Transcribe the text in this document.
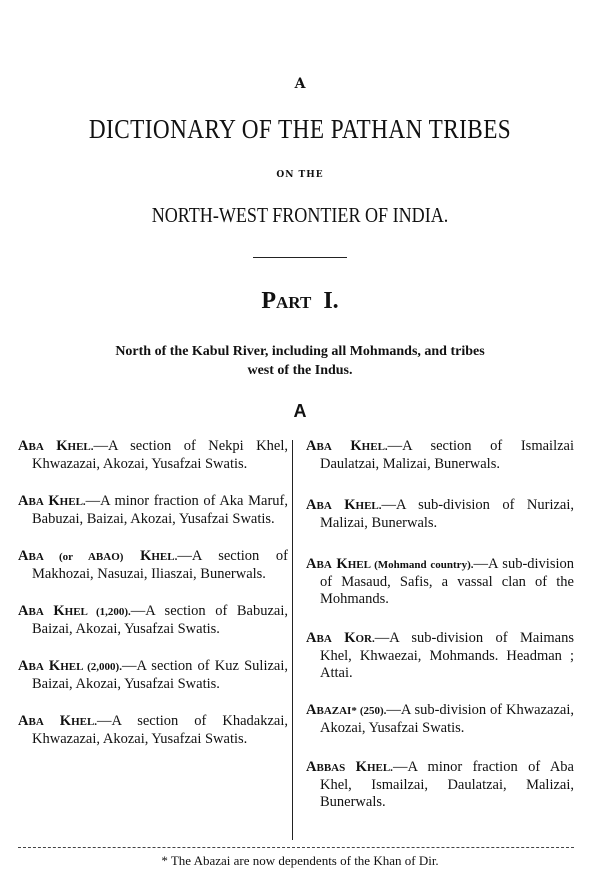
A
DICTIONARY OF THE PATHAN TRIBES
ON THE
NORTH-WEST FRONTIER OF INDIA.
PART I.
North of the Kabul River, including all Mohmands, and tribes
west of the Indus.
A
ABA KHEL.—A section of Nekpi Khel, Khwazazai, Akozai, Yusafzai Swatis.
ABA KHEL.—A minor fraction of Aka Maruf, Babuzai, Baizai, Akozai, Yusafzai Swatis.
ABA (or ABAO) KHEL.—A section of Makhozai, Nasuzai, Iliaszai, Bunerwals.
ABA KHEL (1,200).—A section of Babuzai, Baizai, Akozai, Yusafzai Swatis.
ABA KHEL (2,000).—A section of Kuz Sulizai, Baizai, Akozai, Yusafzai Swatis.
ABA KHEL.—A section of Khadakzai, Khwazazai, Akozai, Yusafzai Swatis.
ABA KHEL.—A section of Ismailzai Daulatzai, Malizai, Bunerwals.
ABA KHEL.—A sub-division of Nurizai, Malizai, Bunerwals.
ABA KHEL (Mohmand country).—A sub-division of Masaud, Safis, a vassal clan of the Mohmands.
ABA KOR.—A sub-division of Maimans Khel, Khwaezai, Mohmands. Headman ; Attai.
ABAZAI* (250).—A sub-division of Khwazazai, Akozai, Yusafzai Swatis.
ABBAS KHEL.—A minor fraction of Aba Khel, Ismailzai, Daulatzai, Malizai, Bunerwals.
* The Abazai are now dependents of the Khan of Dir.
